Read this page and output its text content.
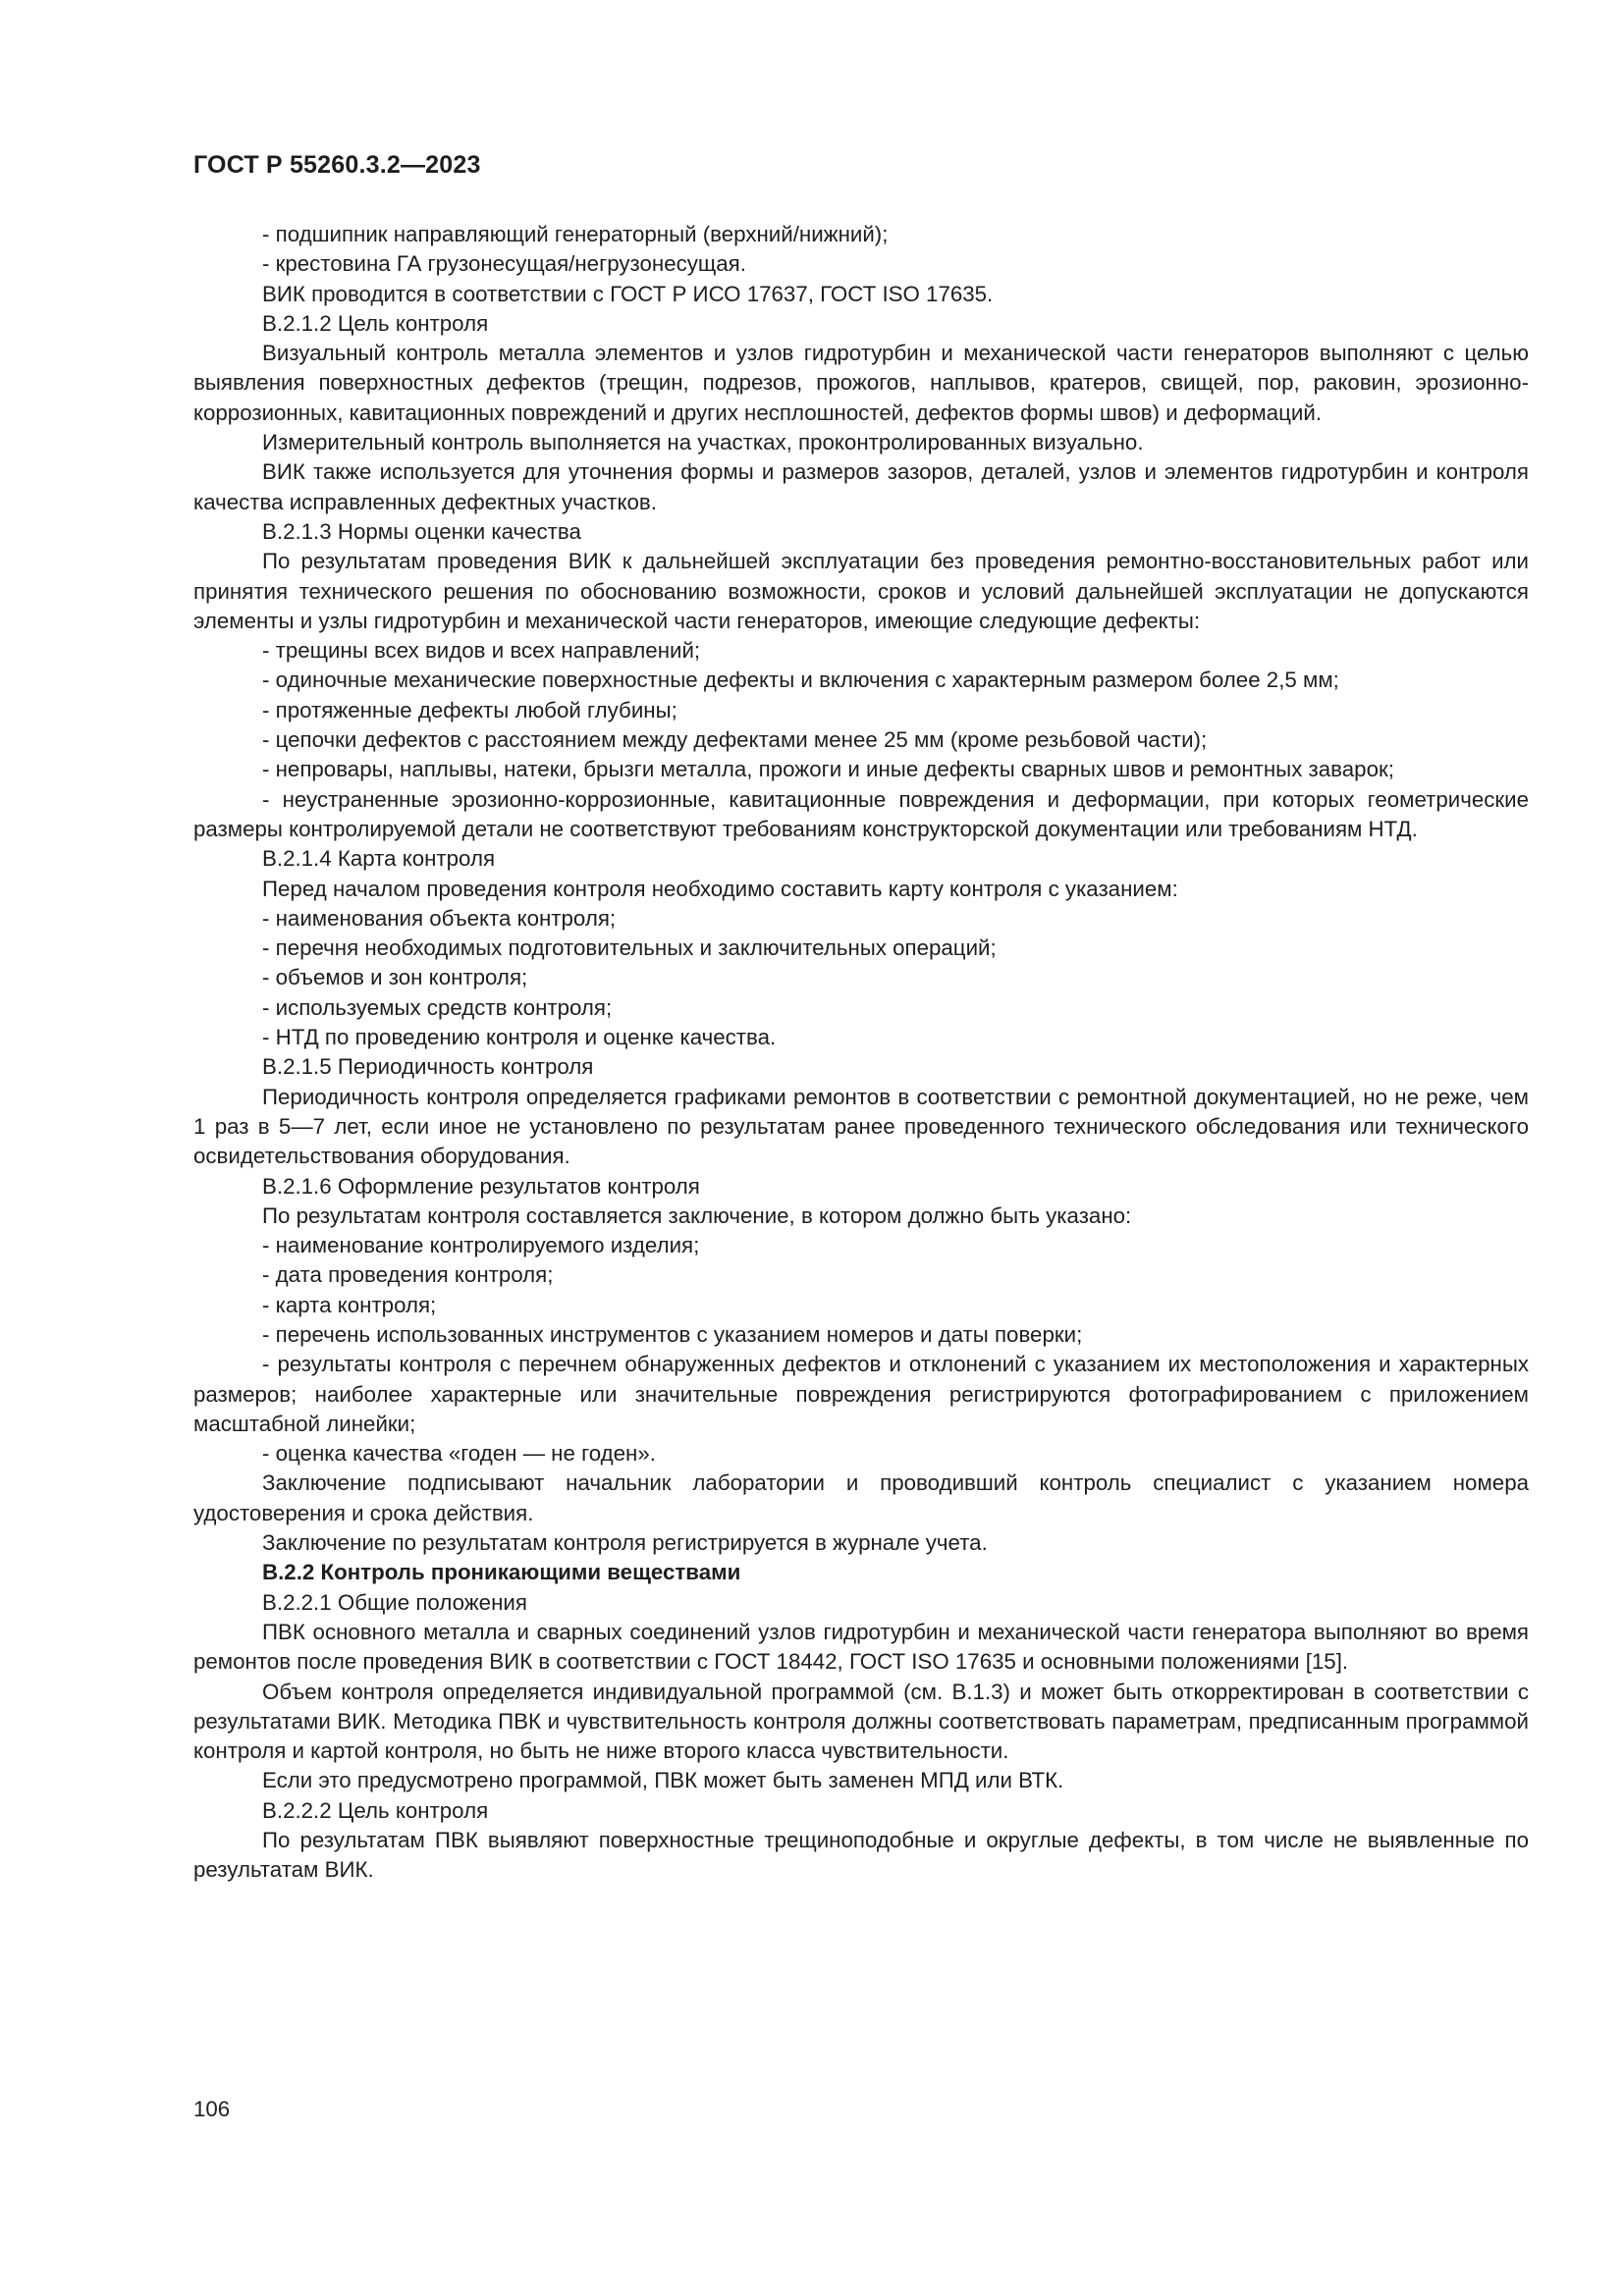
ГОСТ Р 55260.3.2—2023

- подшипник направляющий генераторный (верхний/нижний);

- крестовина ГА грузонесущая/негрузонесущая.

ВИК проводится в соответствии с ГОСТ Р ИСО 17637, ГОСТ ISO 17635.

В.2.1.2 Цель контроля

Визуальный контроль металла элементов и узлов гидротурбин и механической части генераторов выполняют с целью выявления поверхностных дефектов (трещин, подрезов, прожогов, наплывов, кратеров, свищей, пор, раковин, эрозионно-коррозионных, кавитационных повреждений и других несплошностей, дефектов формы швов) и деформаций.

Измерительный контроль выполняется на участках, проконтролированных визуально.

ВИК также используется для уточнения формы и размеров зазоров, деталей, узлов и элементов гидротурбин и контроля качества исправленных дефектных участков.

В.2.1.3 Нормы оценки качества

По результатам проведения ВИК к дальнейшей эксплуатации без проведения ремонтно-восстановительных работ или принятия технического решения по обоснованию возможности, сроков и условий дальнейшей эксплуатации не допускаются элементы и узлы гидротурбин и механической части генераторов, имеющие следующие дефекты:

- трещины всех видов и всех направлений;

- одиночные механические поверхностные дефекты и включения с характерным размером более 2,5 мм;

- протяженные дефекты любой глубины;

- цепочки дефектов с расстоянием между дефектами менее 25 мм (кроме резьбовой части);

- непровары, наплывы, натеки, брызги металла, прожоги и иные дефекты сварных швов и ремонтных заварок;

- неустраненные эрозионно-коррозионные, кавитационные повреждения и деформации, при которых геометрические размеры контролируемой детали не соответствуют требованиям конструкторской документации или требованиям НТД.

В.2.1.4 Карта контроля

Перед началом проведения контроля необходимо составить карту контроля с указанием:

- наименования объекта контроля;

- перечня необходимых подготовительных и заключительных операций;

- объемов и зон контроля;

- используемых средств контроля;

- НТД по проведению контроля и оценке качества.

В.2.1.5 Периодичность контроля

Периодичность контроля определяется графиками ремонтов в соответствии с ремонтной документацией, но не реже, чем 1 раз в 5—7 лет, если иное не установлено по результатам ранее проведенного технического обследования или технического освидетельствования оборудования.

В.2.1.6 Оформление результатов контроля

По результатам контроля составляется заключение, в котором должно быть указано:

- наименование контролируемого изделия;

- дата проведения контроля;

- карта контроля;

- перечень использованных инструментов с указанием номеров и даты поверки;

- результаты контроля с перечнем обнаруженных дефектов и отклонений с указанием их местоположения и характерных размеров; наиболее характерные или значительные повреждения регистрируются фотографированием с приложением масштабной линейки;

- оценка качества «годен — не годен».

Заключение подписывают начальник лаборатории и проводивший контроль специалист с указанием номера удостоверения и срока действия.

Заключение по результатам контроля регистрируется в журнале учета.

В.2.2 Контроль проникающими веществами

В.2.2.1 Общие положения

ПВК основного металла и сварных соединений узлов гидротурбин и механической части генератора выполняют во время ремонтов после проведения ВИК в соответствии с ГОСТ 18442, ГОСТ ISO 17635 и основными положениями [15].

Объем контроля определяется индивидуальной программой (см. В.1.3) и может быть откорректирован в соответствии с результатами ВИК. Методика ПВК и чувствительность контроля должны соответствовать параметрам, предписанным программой контроля и картой контроля, но быть не ниже второго класса чувствительности.

Если это предусмотрено программой, ПВК может быть заменен МПД или ВТК.

В.2.2.2 Цель контроля

По результатам ПВК выявляют поверхностные трещиноподобные и округлые дефекты, в том числе не выявленные по результатам ВИК.

106
